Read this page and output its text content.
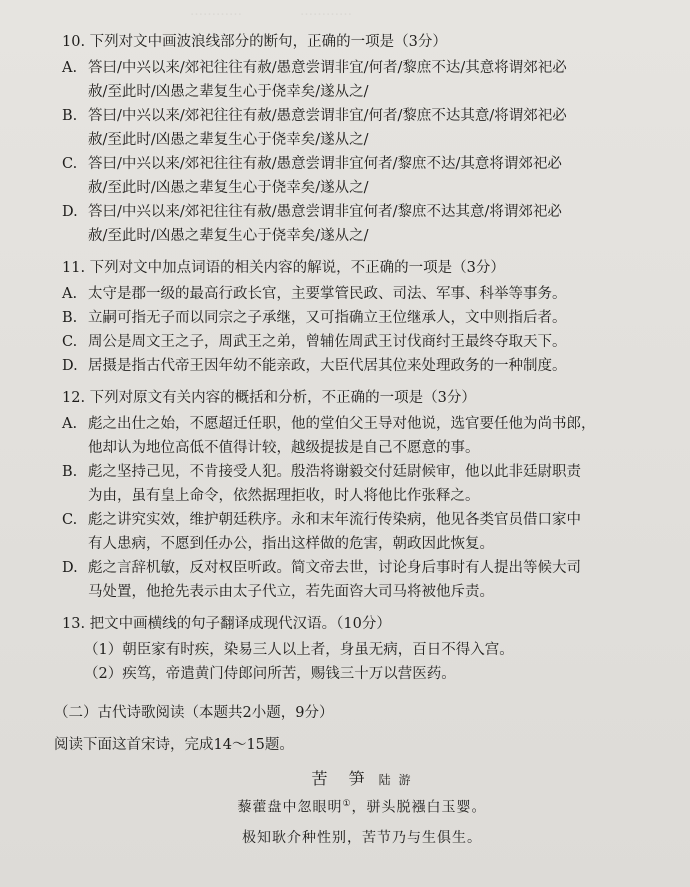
…………	…………
10. 下列对文中画波浪线部分的断句，正确的一项是（3分）
A. 答曰/中兴以来/郊祀往往有赦/愚意尝谓非宜/何者/黎庶不达/其意将谓郊祀必
赦/至此时/凶愚之辈复生心于侥幸矣/遂从之/
B. 答曰/中兴以来/郊祀往往有赦/愚意尝谓非宜/何者/黎庶不达其意/将谓郊祀必
赦/至此时/凶愚之辈复生心于侥幸矣/遂从之/
C. 答曰/中兴以来/郊祀往往有赦/愚意尝谓非宜何者/黎庶不达/其意将谓郊祀必
赦/至此时/凶愚之辈复生心于侥幸矣/遂从之/
D. 答曰/中兴以来/郊祀往往有赦/愚意尝谓非宜何者/黎庶不达其意/将谓郊祀必
赦/至此时/凶愚之辈复生心于侥幸矣/遂从之/
11. 下列对文中加点词语的相关内容的解说，不正确的一项是（3分）
A. 太守是郡一级的最高行政长官，主要掌管民政、司法、军事、科举等事务。
B. 立嗣可指无子而以同宗之子承继，又可指确立王位继承人，文中则指后者。
C. 周公是周文王之子，周武王之弟，曾辅佐周武王讨伐商纣王最终夺取天下。
D. 居摄是指古代帝王因年幼不能亲政，大臣代居其位来处理政务的一种制度。
12. 下列对原文有关内容的概括和分析，不正确的一项是（3分）
A. 彪之出仕之始，不愿超迁任职，他的堂伯父王导对他说，选官要任他为尚书郎，
他却认为地位高低不值得计较，越级提拔是自己不愿意的事。
B. 彪之坚持己见，不肯接受人犯。殷浩将谢毅交付廷尉候审，他以此非廷尉职责
为由，虽有皇上命令，依然据理拒收，时人将他比作张释之。
C. 彪之讲究实效，维护朝廷秩序。永和末年流行传染病，他见各类官员借口家中
有人患病，不愿到任办公，指出这样做的危害，朝政因此恢复。
D. 彪之言辞机敏，反对权臣听政。简文帝去世，讨论身后事时有人提出等候大司
马处置，他抢先表示由太子代立，若先面咨大司马将被他斥责。
13. 把文中画横线的句子翻译成现代汉语。（10分）
（1）朝臣家有时疾，染易三人以上者，身虽无病，百日不得入宫。
（2）疾笃，帝遣黄门侍郎问所苦，赐钱三十万以营医药。
（二）古代诗歌阅读（本题共2小题，9分）
阅读下面这首宋诗，完成14～15题。
苦 笋 陆 游
藜藿盘中忽眼明①，骈头脱襁白玉婴。
极知耿介种性别，苦节乃与生俱生。
